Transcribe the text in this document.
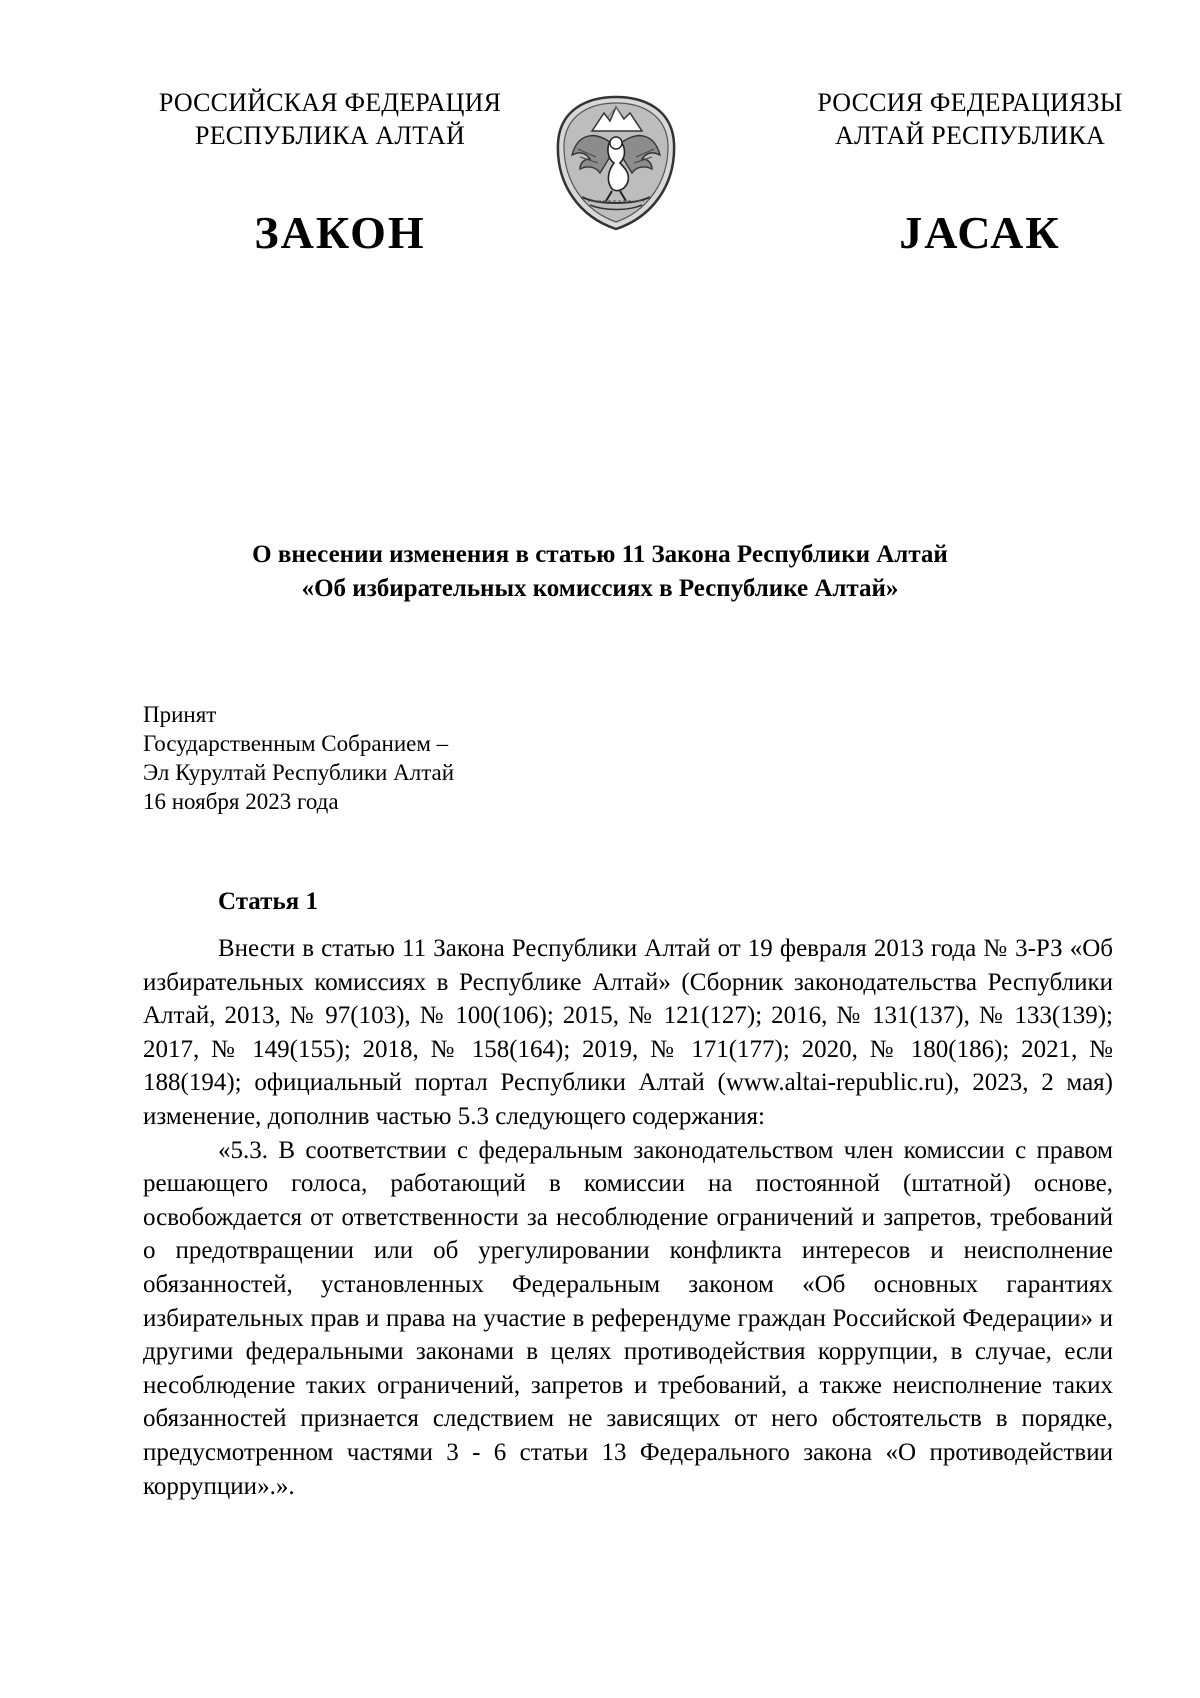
РОССИЙСКАЯ ФЕДЕРАЦИЯ
РЕСПУБЛИКА АЛТАЙ
РОССИЯ ФЕДЕРАЦИЯЗЫ
АЛТАЙ РЕСПУБЛИКА
ЗАКОН	JАСАК
О внесении изменения в статью 11 Закона Республики Алтай
«Об избирательных комиссиях в Республике Алтай»
Принят
Государственным Собранием –
Эл Курултай Республики Алтай
16 ноября 2023 года
Статья 1

Внести в статью 11 Закона Республики Алтай от 19 февраля 2013 года № 3-РЗ «Об избирательных комиссиях в Республике Алтай» (Сборник законодательства Республики Алтай, 2013, № 97(103), № 100(106); 2015, № 121(127); 2016, № 131(137), № 133(139); 2017, № 149(155); 2018, № 158(164); 2019, № 171(177); 2020, № 180(186); 2021, № 188(194); официальный портал Республики Алтай (www.altai-republic.ru), 2023, 2 мая) изменение, дополнив частью 5.3 следующего содержания:

«5.3. В соответствии с федеральным законодательством член комиссии с правом решающего голоса, работающий в комиссии на постоянной (штатной) основе, освобождается от ответственности за несоблюдение ограничений и запретов, требований о предотвращении или об урегулировании конфликта интересов и неисполнение обязанностей, установленных Федеральным законом «Об основных гарантиях избирательных прав и права на участие в референдуме граждан Российской Федерации» и другими федеральными законами в целях противодействия коррупции, в случае, если несоблюдение таких ограничений, запретов и требований, а также неисполнение таких обязанностей признается следствием не зависящих от него обстоятельств в порядке, предусмотренном частями 3 - 6 статьи 13 Федерального закона «О противодействии коррупции».».
